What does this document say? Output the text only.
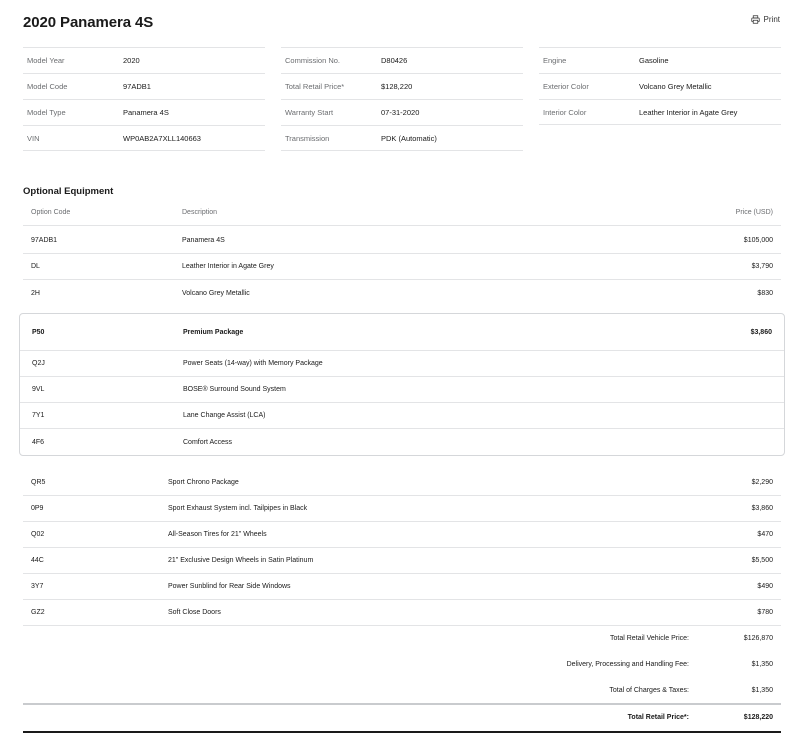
2020 Panamera 4S	Print
Model Year	2020
Model Code	97ADB1
Model Type	Panamera 4S
VIN	WP0AB2A7XLL140663
Commission No.	D80426
Total Retail Price*	$128,220
Warranty Start	07-31-2020
Transmission	PDK (Automatic)
Engine	Gasoline
Exterior Color	Volcano Grey Metallic
Interior Color	Leather Interior in Agate Grey
Optional Equipment
Option Code	Description	Price (USD)
97ADB1	Panamera 4S	$105,000
DL	Leather Interior in Agate Grey	$3,790
2H	Volcano Grey Metallic	$830
P50	Premium Package	$3,860
Q2J	Power Seats (14-way) with Memory Package
9VL	BOSE® Surround Sound System
7Y1	Lane Change Assist (LCA)
4F6	Comfort Access
QR5	Sport Chrono Package	$2,290
0P9	Sport Exhaust System incl. Tailpipes in Black	$3,860
Q02	All-Season Tires for 21" Wheels	$470
44C	21" Exclusive Design Wheels in Satin Platinum	$5,500
3Y7	Power Sunblind for Rear Side Windows	$490
GZ2	Soft Close Doors	$780
Total Retail Vehicle Price:	$126,870
Delivery, Processing and Handling Fee:	$1,350
Total of Charges & Taxes:	$1,350
Total Retail Price*:	$128,220
